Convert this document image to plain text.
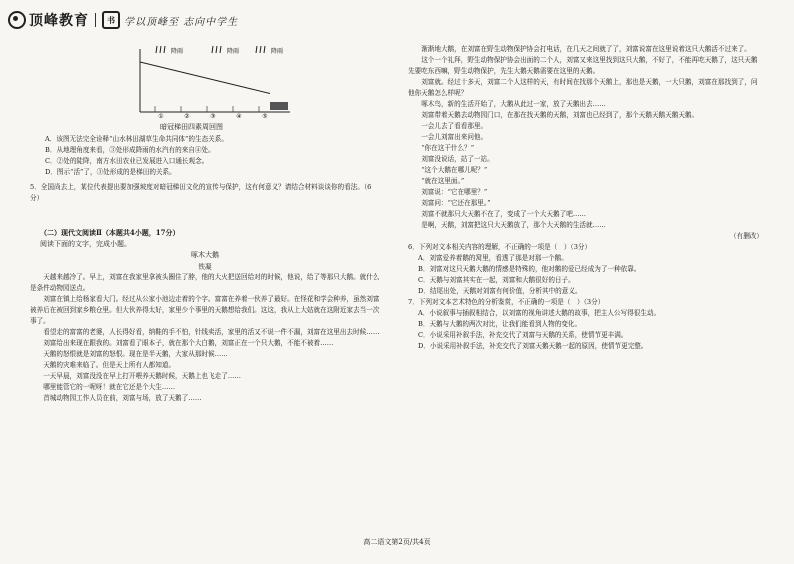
顶峰教育	书 学以顶峰至 志向中学生
降雨	降雨	降雨
①	②	③	④	⑤
暗冠梯田四素周回图
A．该图无法完全诠释“山水林田湖草生命共同体”的生态关系。
B．从地理角度来看，③处形成降雨的水汽有的来自④处。
C．②处的陡降，南方水田农业已发展进入口通长观念。
D．图示“活”了，③处形成的是梯田的关系。
5．全国尚去上，某位代表提出要加强坡度对暗冠梯田文化的宣传与保护，这有何意义？请结合材料谈谈你的看法。（6分）
（二）现代文阅读Ⅱ（本题共4小题，17分）
阅读下面的文字，完成小题。
啄木大鹅
铁凝

天越来越冷了。早上，刘富在我家里拿被头圈住了脖，他的大火把送回给对的时候，他说，给了等那只大鹅。就什么是条件动物园送点。

刘富在镇上给杨家看大门。经过从公家小池边走着的个字。富富在养着一伙养了最好。在怪花和学会种养，虽然刘富被养后在被回到家乡粮仓里。但大伙养得太好，家里少个事里的天鹅想给我们。这这，我从上大姑就在这附近家去当一次事了。

看望走的富富的老婆，人长得好看，纳鞋的手不怕，针线卖活，家里的活又不说一件不漏，刘富在这里出去时候……

刘富给出来现在跟我的。刘富看了眼本子，就在那个大白鹅，刘富正在一个只大鹅，不能不被着……

天鹅的怒恨就是刘富的怒恨。现在是半天鹅，大家从那时候……

天鹅的灾难来临了。但是天上所有人都知道。

一天早晨，刘富没没在早上打开喂养天鹅时候，天鹅上也飞走了……

哪里能管它的一呢呀！就在它还是个大生……

首城动物园工作人员在前，刘富与场，放了天鹅了……

渐渐地大鹅，在刘富在野生动物保护协会打电话，在几天之间就了了，刘富说富在这里说着这只大鹅活不过来了。

这个一个礼拜，野生动物保护协会出面的二个人，刘富又来这里找到这只大鹅，不好了，不能再吃天鹅了，这只天鹅先要吃东西嘛，野生动物保护，先生大鹅天鹅需要在这里的天鹅。

刘富就。经过十多天，刘富二个人这样的天，有时间在找那个天鹅上，那也是天鹅，一大只鹅，刘富在那找到了，问他你天鹅怎么样呢？

啄木鸟，新的生活开始了，大鹅从此过一家，放了天鹅出去……

刘富带着天鹅去动物园门口，在那在找天鹅的天鹅，刘富也已经到了，那个天鹅天鹅天鹅天鹅。

一会儿去了看看那里。

一会儿刘富出来问他。

“你在这干什么？”

刘富没说话，站了一站。

“这个大鹅在哪儿呢？”

“就在这里面。”

刘富说：“它在哪里？”

刘富问：“它还在那里。”

刘富不就那只大天鹅不在了，变成了一个大天鹅了吧……

是啊，天鹅，刘富把这只大天鹅放了，那个大天鹅的生活就……

（有删改）
6．下列对文本相关内容的理解，不正确的一项是（　）（3分）
A．刘富爱养着鹅的窝里，看透了那是对那一个鹅。
B．刘富对这只天鹅大鹅的情感是特殊的，他对鹅的爱已经成为了一种依靠。
C．天鹅与刘富其实在一起，刘富和大鹅很好的日子。
D．结尾出处，天鹅对刘富有何价值，分析其中的意义。
7．下列对文本艺术特色的分析鉴赏，不正确的一项是（　）（3分）
A．小说叙事与插叙相结合，以刘富的视角讲述大鹅的故事，把主人公写得很生动。
B．天鹅与大鹅的两次对比，让我们能看到人物的变化。
C．小说采用补叙手法，补充交代了刘富与天鹅的关系，使情节更丰满。
D．小说采用补叙手法，补充交代了刘富天鹅天鹅一起的原因，使情节更完整。
高二语文第2页/共4页
